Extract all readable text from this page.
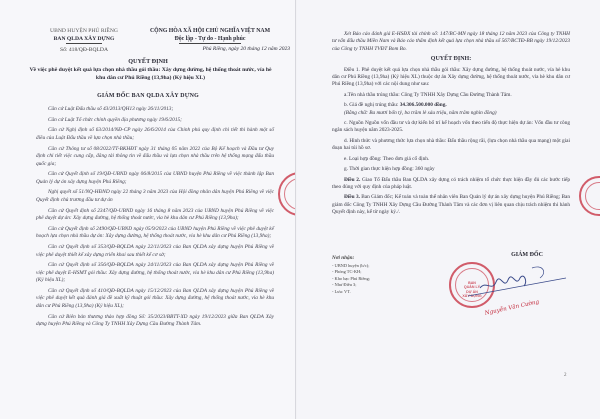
UBND HUYỆN PHÚ RIỀNG
BAN QLDA XÂY DỰNG
Số: 418/QĐ-BQLDA
CỘNG HÒA XÃ HỘI CHỦ NGHĨA VIỆT NAM
Độc lập - Tự do - Hạnh phúc
Phú Riềng, ngày 20 tháng 12 năm 2023
QUYẾT ĐỊNH
Về việc phê duyệt kết quả lựa chọn nhà thầu gói thầu: Xây dựng đường, hệ thống thoát nước, vỉa hè khu dân cư Phú Riềng (13,9ha) (Ký hiệu XL)
GIÁM ĐỐC BAN QLDA XÂY DỰNG

Căn cứ Luật Đấu thầu số 43/2013/QH13 ngày 26/11/2013;

Căn cứ Luật Tổ chức chính quyền địa phương ngày 19/6/2015;

Căn cứ Nghị định số 63/2014/NĐ-CP ngày 26/6/2014 của Chính phủ quy định chi tiết thi hành một số điều của Luật Đấu thầu về lựa chọn nhà thầu;

Căn cứ Thông tư số 08/2022/TT-BKHĐT ngày 31 tháng 05 năm 2022 của Bộ Kế hoạch và Đầu tư Quy định chi tiết việc cung cấp, đăng tải thông tin về đấu thầu và lựa chọn nhà thầu trên hệ thống mạng đấu thầu quốc gia;

Căn cứ Quyết định số 19/QĐ-UBND ngày 06/8/2015 của UBND huyện Phú Riềng về việc thành lập Ban Quản lý dự án xây dựng huyện Phú Riềng;

Nghị quyết số 51/NQ-HĐND ngày 22 tháng 3 năm 2023 của Hội đồng nhân dân huyện Phú Riềng về việc Quyết định chủ trương đầu tư dự án

Căn cứ Quyết định số 2347/QĐ-UBND ngày 16 tháng 8 năm 2023 của UBND huyện Phú Riềng về việc phê duyệt dự án: Xây dựng đường, hệ thống thoát nước, vỉa hè khu dân cư Phú Riềng (13,9ha);

Căn cứ Quyết định số 2490/QĐ-UBND ngày 05/9/2023 của UBND huyện Phú Riềng về việc phê duyệt kế hoạch lựa chọn nhà thầu dự án: Xây dựng đường, hệ thống thoát nước, vỉa hè khu dân cư Phú Riềng (13,9ha);

Căn cứ Quyết định số 353/QĐ-BQLDA ngày 22/11/2023 của Ban QLDA xây dựng huyện Phú Riềng về việc phê duyệt thiết kế xây dựng triển khai sau thiết kế cơ sở;

Căn cứ Quyết định số 356/QĐ-BQLDA ngày 24/11/2023 của Ban QLDA xây dựng huyện Phú Riềng về việc phê duyệt E-HSMT gói thầu: Xây dựng đường, hệ thống thoát nước, vỉa hè khu dân cư Phú Riềng (13,9ha) (Ký hiệu XL);

Căn cứ Quyết định số 410/QĐ-BQLDA ngày 15/12/2023 của Ban QLDA xây dựng huyện Phú Riềng về việc phê duyệt kết quả đánh giá đề xuất kỹ thuật gói thầu: Xây dựng đường, hệ thống thoát nước, vỉa hè khu dân cư Phú Riềng (13,9ha) (Ký hiệu XL);

Căn cứ Biên bản thương thảo hợp đồng Số: 35/2023/BBTT-XD ngày 19/12/2023 giữa Ban QLDA Xây dựng huyện Phú Riềng và Công Ty TNHH Xây Dựng Cầu Đường Thành Tâm.

Xét Báo cáo đánh giá E-HSĐX tài chính số: 147/BC-MN ngày 18 tháng 12 năm 2023 của Công ty TNHH tư vấn đấu thầu Miền Nam và Báo cáo thẩm định kết quả lựa chọn nhà thầu số 567/BCTĐ-BB ngày 19/12/2023 của Công ty TNHH TVĐT Bom Bo.

QUYẾT ĐỊNH:

Điều 1. Phê duyệt kết quả lựa chọn nhà thầu gói thầu: Xây dựng đường, hệ thống thoát nước, vỉa hè khu dân cư Phú Riềng (13,9ha) (Ký hiệu XL) thuộc dự án Xây dựng đường, hệ thống thoát nước, vỉa hè khu dân cư Phú Riềng (13,9ha) với các nội dung như sau:

a.Tên nhà thầu trúng thầu: Công Ty TNHH Xây Dựng Cầu Đường Thành Tâm.

b. Giá đề nghị trúng thầu: 34.306.500.000 đồng.

(Bằng chữ: Ba mươi bốn tỷ, ba trăm lẻ sáu triệu, năm trăm nghìn đồng)

c. Nguồn Nguồn vốn đầu tư và dự kiến bố trí kế hoạch vốn theo tiến độ thực hiện dự án: Vốn đầu tư công ngân sách huyện năm 2023-2025.

d. Hình thức và phương thức lựa chọn nhà thầu: Đấu thầu rộng rãi, (lựa chọn nhà thầu qua mạng) một giai đoạn hai túi hồ sơ.

e. Loại hợp đồng: Theo đơn giá cố định.

g. Thời gian thực hiện hợp đồng: 360 ngày

Điều 2. Giao Tổ Đấu thầu Ban QLDA xây dựng có trách nhiệm tổ chức thực hiện đầy đủ các bước tiếp theo đúng với quy định của pháp luật.

Điều 3. Ban Giám đốc; Kế toán và toàn thể nhân viên Ban Quản lý dự án xây dựng huyện Phú Riềng; Ban giám đốc Công Ty TNHH Xây Dựng Cầu Đường Thành Tâm và các đơn vị liên quan chịu trách nhiệm thi hành Quyết định này, kể từ ngày ký./.

Nơi nhận:
- UBND huyện (b/c);
- Phòng TC-KH;
- Kho bạc Phú Riềng;
- Như Điều 3;
- Lưu: VT.
GIÁM ĐỐC
BAN
QUẢN LÝ
DỰ ÁN
XÂY DỰNG
Nguyễn Văn Cường
2
